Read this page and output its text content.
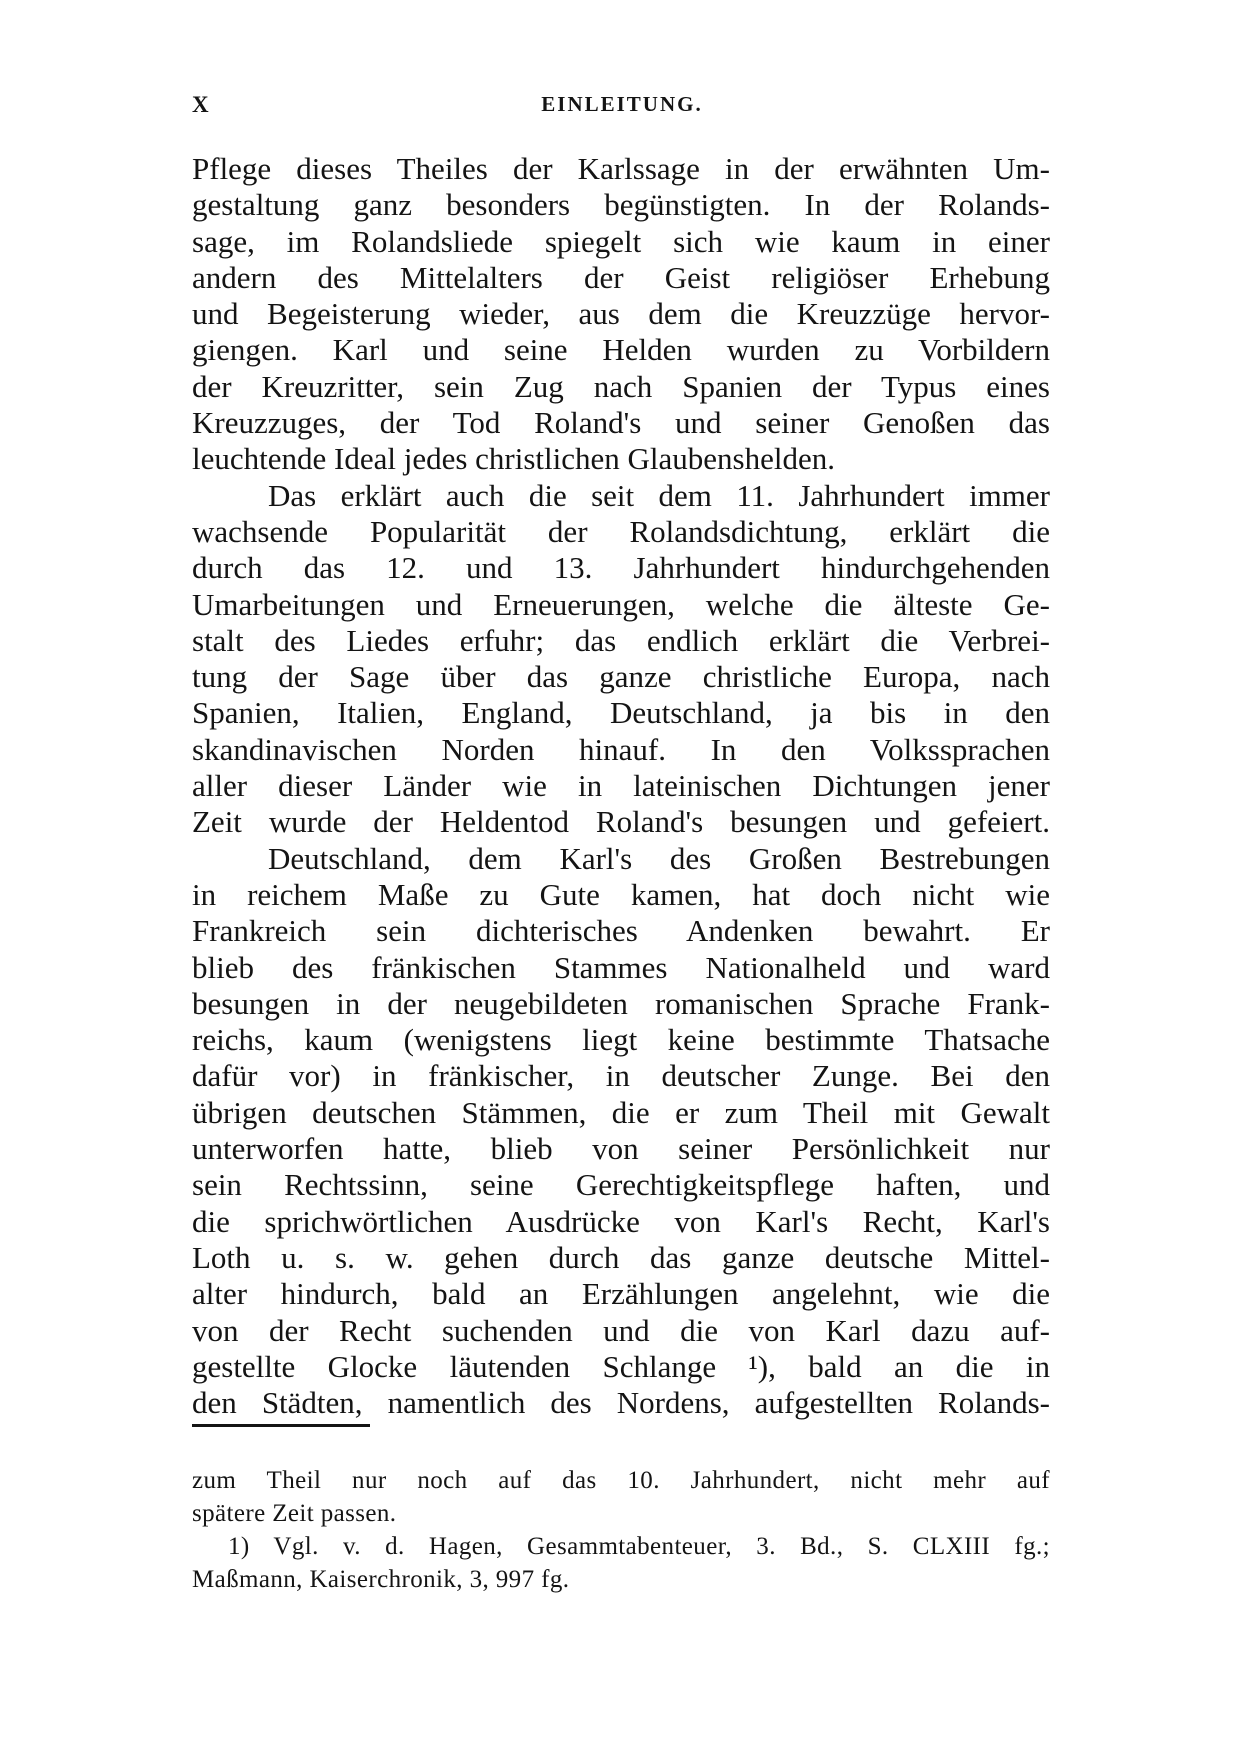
X	EINLEITUNG.
Pflege dieses Theiles der Karlssage in der erwähnten Um-
gestaltung ganz besonders begünstigten. In der Rolands-
sage, im Rolandsliede spiegelt sich wie kaum in einer
andern des Mittelalters der Geist religiöser Erhebung
und Begeisterung wieder, aus dem die Kreuzzüge hervor-
giengen. Karl und seine Helden wurden zu Vorbildern
der Kreuzritter, sein Zug nach Spanien der Typus eines
Kreuzzuges, der Tod Roland's und seiner Genoßen das
leuchtende Ideal jedes christlichen Glaubenshelden.
Das erklärt auch die seit dem 11. Jahrhundert immer
wachsende Popularität der Rolandsdichtung, erklärt die
durch das 12. und 13. Jahrhundert hindurchgehenden
Umarbeitungen und Erneuerungen, welche die älteste Ge-
stalt des Liedes erfuhr; das endlich erklärt die Verbrei-
tung der Sage über das ganze christliche Europa, nach
Spanien, Italien, England, Deutschland, ja bis in den
skandinavischen Norden hinauf. In den Volkssprachen
aller dieser Länder wie in lateinischen Dichtungen jener
Zeit wurde der Heldentod Roland's besungen und gefeiert.
Deutschland, dem Karl's des Großen Bestrebungen
in reichem Maße zu Gute kamen, hat doch nicht wie
Frankreich sein dichterisches Andenken bewahrt. Er
blieb des fränkischen Stammes Nationalheld und ward
besungen in der neugebildeten romanischen Sprache Frank-
reichs, kaum (wenigstens liegt keine bestimmte Thatsache
dafür vor) in fränkischer, in deutscher Zunge. Bei den
übrigen deutschen Stämmen, die er zum Theil mit Gewalt
unterworfen hatte, blieb von seiner Persönlichkeit nur
sein Rechtssinn, seine Gerechtigkeitspflege haften, und
die sprichwörtlichen Ausdrücke von Karl's Recht, Karl's
Loth u. s. w. gehen durch das ganze deutsche Mittel-
alter hindurch, bald an Erzählungen angelehnt, wie die
von der Recht suchenden und die von Karl dazu auf-
gestellte Glocke läutenden Schlange ¹), bald an die in
den Städten, namentlich des Nordens, aufgestellten Rolands-
zum Theil nur noch auf das 10. Jahrhundert, nicht mehr auf
spätere Zeit passen.
1) Vgl. v. d. Hagen, Gesammtabenteuer, 3. Bd., S. CLXIII fg.;
Maßmann, Kaiserchronik, 3, 997 fg.
